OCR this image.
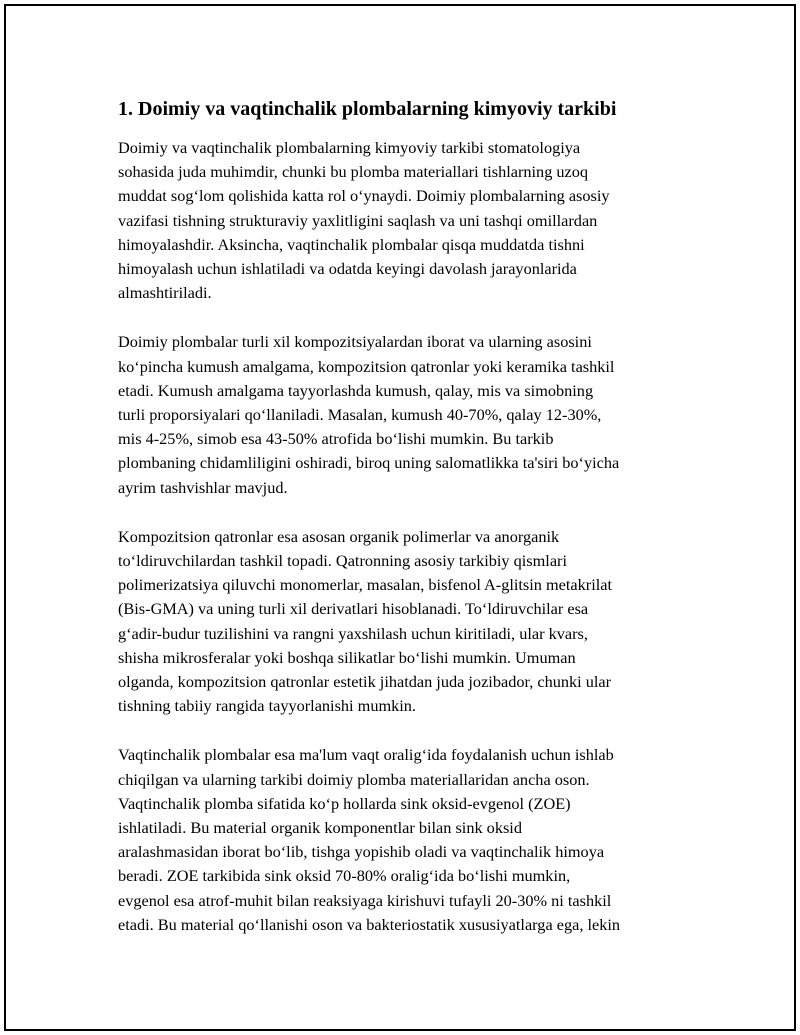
1. Doimiy va vaqtinchalik plombalarning kimyoviy tarkibi

Doimiy va vaqtinchalik plombalarning kimyoviy tarkibi stomatologiya
sohasida juda muhimdir, chunki bu plomba materiallari tishlarning uzoq
muddat sog‘lom qolishida katta rol o‘ynaydi. Doimiy plombalarning asosiy
vazifasi tishning strukturaviy yaxlitligini saqlash va uni tashqi omillardan
himoyalashdir. Aksincha, vaqtinchalik plombalar qisqa muddatda tishni
himoyalash uchun ishlatiladi va odatda keyingi davolash jarayonlarida
almashtiriladi.

Doimiy plombalar turli xil kompozitsiyalardan iborat va ularning asosini
ko‘pincha kumush amalgama, kompozitsion qatronlar yoki keramika tashkil
etadi. Kumush amalgama tayyorlashda kumush, qalay, mis va simobning
turli proporsiyalari qo‘llaniladi. Masalan, kumush 40-70%, qalay 12-30%,
mis 4-25%, simob esa 43-50% atrofida bo‘lishi mumkin. Bu tarkib
plombaning chidamliligini oshiradi, biroq uning salomatlikka ta'siri bo‘yicha
ayrim tashvishlar mavjud.

Kompozitsion qatronlar esa asosan organik polimerlar va anorganik
to‘ldiruvchilardan tashkil topadi. Qatronning asosiy tarkibiy qismlari
polimerizatsiya qiluvchi monomerlar, masalan, bisfenol A-glitsin metakrilat
(Bis-GMA) va uning turli xil derivatlari hisoblanadi. To‘ldiruvchilar esa
g‘adir-budur tuzilishini va rangni yaxshilash uchun kiritiladi, ular kvars,
shisha mikrosferalar yoki boshqa silikatlar bo‘lishi mumkin. Umuman
olganda, kompozitsion qatronlar estetik jihatdan juda jozibador, chunki ular
tishning tabiiy rangida tayyorlanishi mumkin.

Vaqtinchalik plombalar esa ma'lum vaqt oralig‘ida foydalanish uchun ishlab
chiqilgan va ularning tarkibi doimiy plomba materiallaridan ancha oson.
Vaqtinchalik plomba sifatida ko‘p hollarda sink oksid-evgenol (ZOE)
ishlatiladi. Bu material organik komponentlar bilan sink oksid
aralashmasidan iborat bo‘lib, tishga yopishib oladi va vaqtinchalik himoya
beradi. ZOE tarkibida sink oksid 70-80% oralig‘ida bo‘lishi mumkin,
evgenol esa atrof-muhit bilan reaksiyaga kirishuvi tufayli 20-30% ni tashkil
etadi. Bu material qo‘llanishi oson va bakteriostatik xususiyatlarga ega, lekin
